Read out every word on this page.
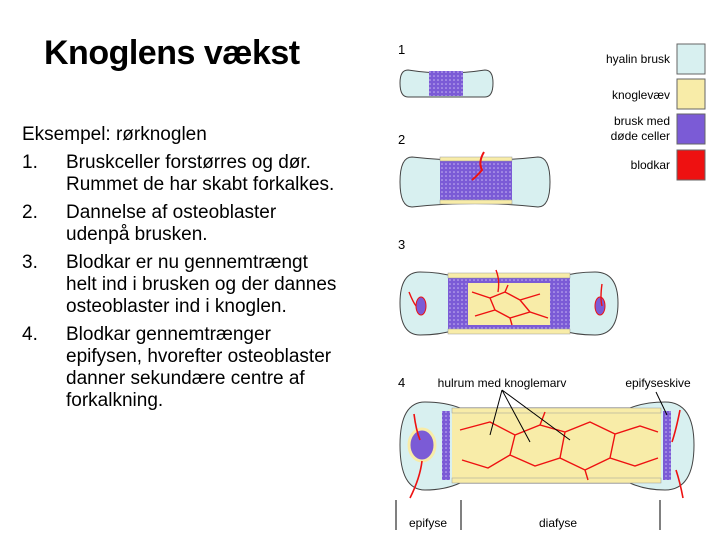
Knoglens vækst
Eksempel: rørknoglen
1.	Bruskceller forstørres og dør. Rummet de har skabt forkalkes.
2.	Dannelse af osteoblaster udenpå brusken.
3.	Blodkar er nu gennemtrængt helt ind i brusken og der dannes osteoblaster ind i knoglen.
4.	Blodkar gennemtrænger epifysen, hvorefter osteoblaster danner sekundære centre af forkalkning.
hyalin brusk
knoglevæv
brusk med
døde celler
blodkar
1
2
3
4	hulrum med knoglemarv	epifyseskive
epifyse	diafyse
